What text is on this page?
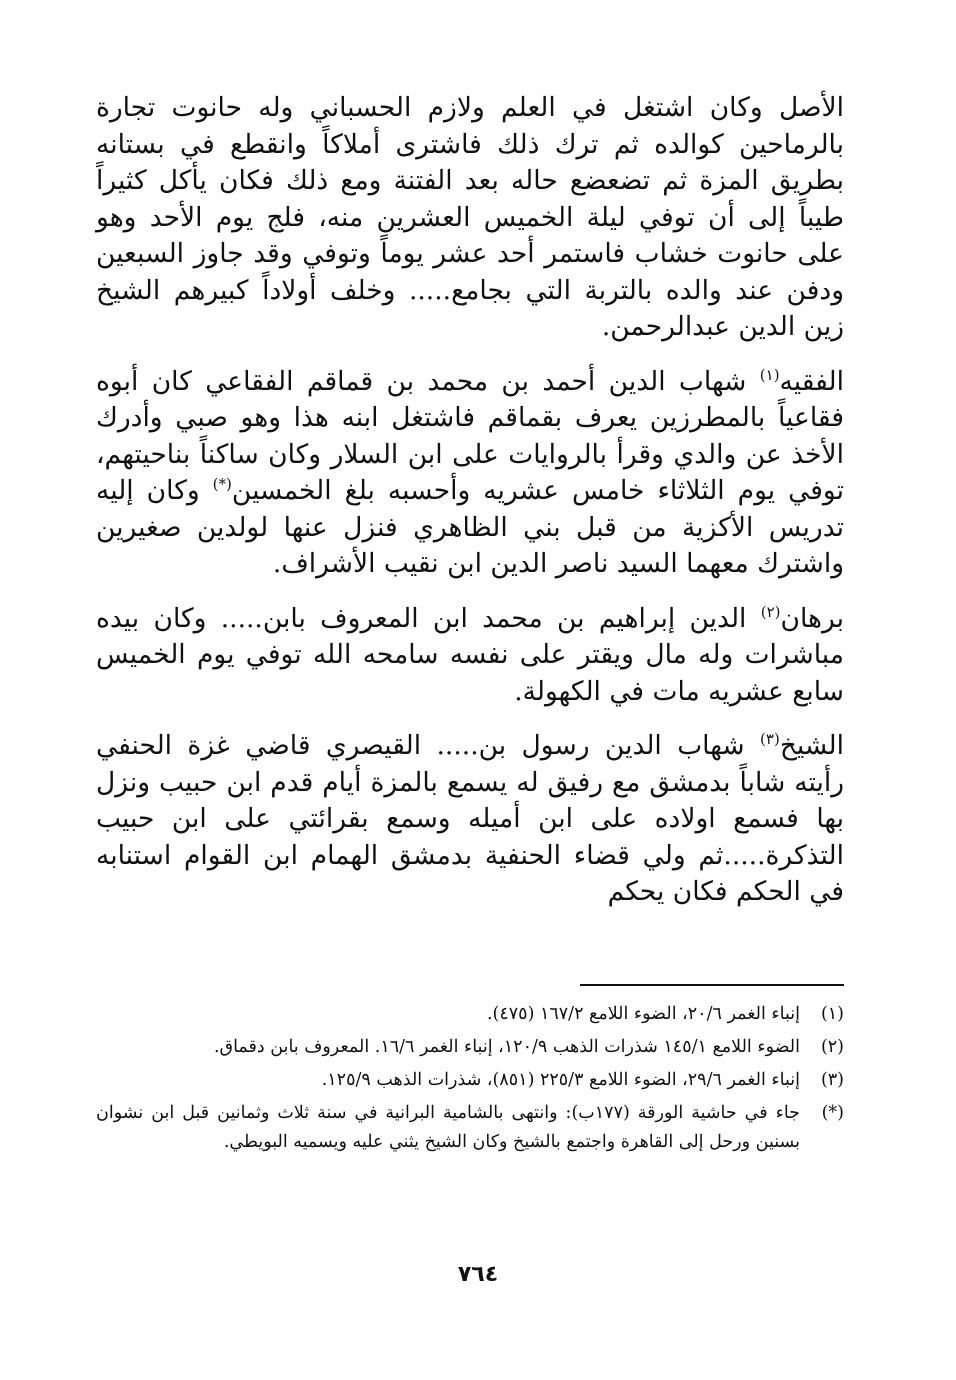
الأصل وكان اشتغل في العلم ولازم الحسباني وله حانوت تجارة بالرماحين كوالده ثم ترك ذلك فاشترى أملاكاً وانقطع في بستانه بطريق المزة ثم تضعضع حاله بعد الفتنة ومع ذلك فكان يأكل كثيراً طيباً إلى أن توفي ليلة الخميس العشرين منه، فلج يوم الأحد وهو على حانوت خشاب فاستمر أحد عشر يوماً وتوفي وقد جاوز السبعين ودفن عند والده بالتربة التي بجامع..... وخلف أولاداً كبيرهم الشيخ زين الدين عبدالرحمن.

الفقيه$^{(١)}$ شهاب الدين أحمد بن محمد بن قماقم الفقاعي كان أبوه فقاعياً بالمطرزين يعرف بقماقم فاشتغل ابنه هذا وهو صبي وأدرك الأخذ عن والدي وقرأ بالروايات على ابن السلار وكان ساكناً بناحيتهم، توفي يوم الثلاثاء خامس عشريه وأحسبه بلغ الخمسين(*) وكان إليه تدريس الأكزية من قبل بني الظاهري فنزل عنها لولدين صغيرين واشترك معهما السيد ناصر الدين ابن نقيب الأشراف.

برهان$^{(٢)}$ الدين إبراهيم بن محمد ابن المعروف بابن..... وكان بيده مباشرات وله مال ويقتر على نفسه سامحه الله توفي يوم الخميس سابع عشريه مات في الكهولة.

الشيخ$^{(٣)}$ شهاب الدين رسول بن..... القيصري قاضي غزة الحنفي رأيته شاباً بدمشق مع رفيق له يسمع بالمزة أيام قدم ابن حبيب ونزل بها فسمع اولاده على ابن أميله وسمع بقرائتي على ابن حبيب التذكرة.....ثم ولي قضاء الحنفية بدمشق الهمام ابن القوام استنابه في الحكم فكان يحكم

(١)
إنباء الغمر ٢٠/٦، الضوء اللامع ١٦٧/٢ (٤٧٥).
(٢)
الضوء اللامع ١٤٥/١ شذرات الذهب ١٢٠/٩، إنباء الغمر ١٦/٦. المعروف بابن دقماق.
(٣)
إنباء الغمر ٢٩/٦، الضوء اللامع ٢٢٥/٣ (٨٥١)، شذرات الذهب ١٢٥/٩.
(*)
جاء في حاشية الورقة (١٧٧ب): وانتهى بالشامية البرانية في سنة ثلاث وثمانين قبل ابن نشوان بسنين ورحل إلى القاهرة واجتمع بالشيخ وكان الشيخ يثني عليه ويسميه البويطي.
٧٦٤
